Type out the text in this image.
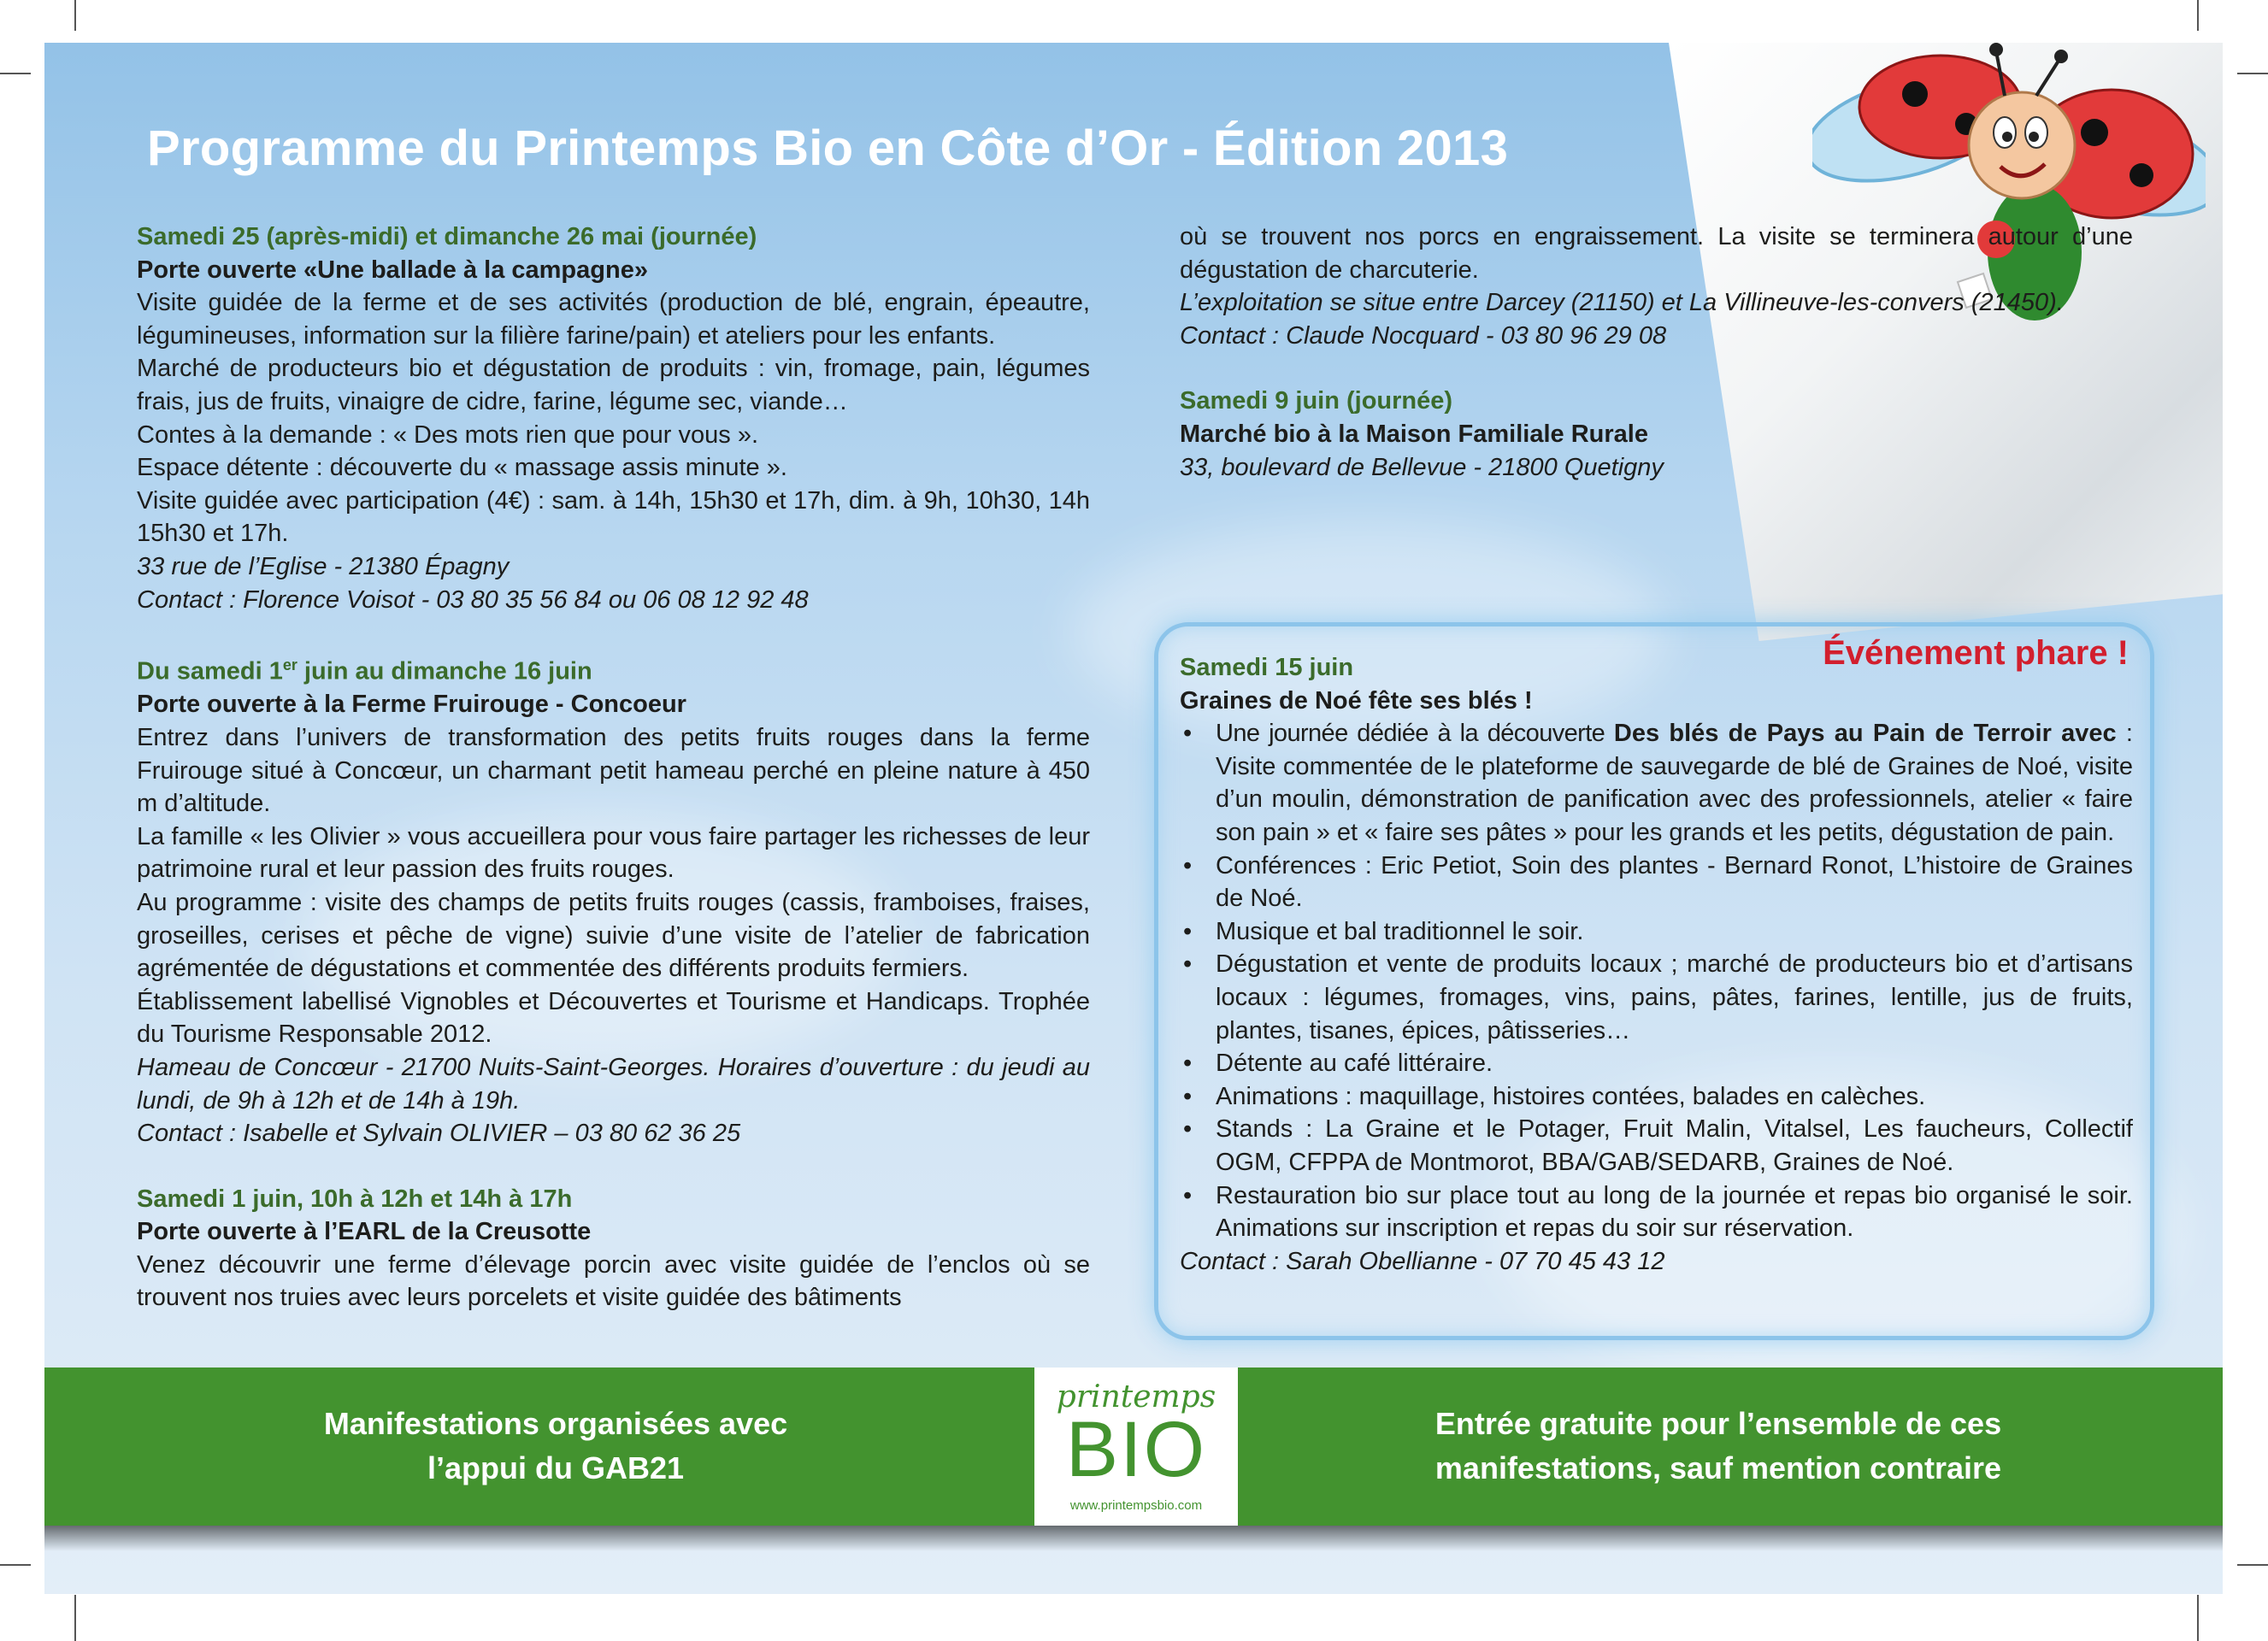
Programme du Printemps Bio en Côte d’Or - Édition 2013

Samedi 25 (après-midi) et dimanche 26 mai (journée)

Porte ouverte «Une ballade à la campagne»

Visite guidée de la ferme et de ses activités (production de blé, engrain, épeautre, légumineuses, information sur la filière farine/pain) et ateliers pour les enfants.

Marché de producteurs bio et dégustation de produits : vin, fromage, pain, légumes frais, jus de fruits, vinaigre de cidre, farine, légume sec, viande…

Contes à la demande : « Des mots rien que pour vous ».

Espace détente : découverte du « massage assis minute ».

Visite guidée avec participation (4€) : sam. à 14h, 15h30 et 17h, dim. à 9h, 10h30, 14h 15h30 et 17h.

33 rue de l’Eglise - 21380 Épagny

Contact : Florence Voisot - 03 80 35 56 84 ou 06 08 12 92 48

Du samedi 1er juin au dimanche 16 juin

Porte ouverte à la Ferme Fruirouge - Concoeur

Entrez dans l’univers de transformation des petits fruits rouges dans la ferme Fruirouge situé à Concœur, un charmant petit hameau perché en pleine nature à 450 m d’altitude.

La famille « les Olivier » vous accueillera pour vous faire partager les richesses de leur patrimoine rural et leur passion des fruits rouges.

Au programme : visite des champs de petits fruits rouges (cassis, framboises, fraises, groseilles, cerises et pêche de vigne) suivie d’une visite de l’atelier de fabrication agrémentée de dégustations et commentée des différents produits fermiers.

Établissement labellisé Vignobles et Découvertes et Tourisme et Handicaps. Trophée du Tourisme Responsable 2012.

Hameau de Concœur - 21700 Nuits-Saint-Georges. Horaires d’ouverture : du jeudi au lundi, de 9h à 12h et de 14h à 19h.

Contact : Isabelle et Sylvain OLIVIER – 03 80 62 36 25

Samedi 1 juin, 10h à 12h et 14h à 17h

Porte ouverte à l’EARL de la Creusotte

Venez découvrir une ferme d’élevage porcin avec visite guidée de l’enclos où se trouvent nos truies avec leurs porcelets et visite guidée des bâtiments

où se trouvent nos porcs en engraissement. La visite se terminera autour d’une dégustation de charcuterie.

L’exploitation se situe entre Darcey (21150) et La Villineuve-les-convers (21450).

Contact : Claude Nocquard - 03 80 96 29 08

Samedi 9 juin (journée)

Marché bio à la Maison Familiale Rurale

33, boulevard de Bellevue - 21800 Quetigny

Événement phare !

Samedi 15 juin

Graines de Noé fête ses blés !

• Une journée dédiée à la découverte Des blés de Pays au Pain de Terroir avec : Visite commentée de le plateforme de sauvegarde de blé de Graines de Noé, visite d’un moulin, démonstration de panification avec des professionnels, atelier « faire son pain » et « faire ses pâtes » pour les grands et les petits, dégustation de pain.
• Conférences : Eric Petiot, Soin des plantes - Bernard Ronot, L’histoire de Graines de Noé.
• Musique et bal traditionnel le soir.
• Dégustation et vente de produits locaux ; marché de producteurs bio et d’artisans locaux : légumes, fromages, vins, pains, pâtes, farines, lentille, jus de fruits, plantes, tisanes, épices, pâtisseries…
• Détente au café littéraire.
• Animations : maquillage, histoires contées, balades en calèches.
• Stands : La Graine et le Potager, Fruit Malin, Vitalsel, Les faucheurs, Collectif OGM, CFPPA de Montmorot, BBA/GAB/SEDARB, Graines de Noé.
• Restauration bio sur place tout au long de la journée et repas bio organisé le soir. Animations sur inscription et repas du soir sur réservation.

Contact : Sarah Obellianne - 07 70 45 43 12

Manifestations organisées avec
l’appui du GAB21
printemps
BIO
www.printempsbio.com
Entrée gratuite pour l’ensemble de ces
manifestations, sauf mention contraire
